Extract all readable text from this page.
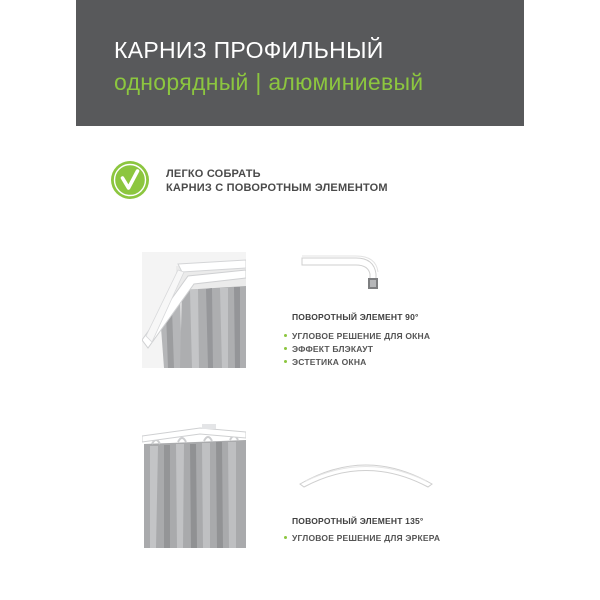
КАРНИЗ ПРОФИЛЬНЫЙ
однорядный | алюминиевый
ЛЕГКО СОБРАТЬ
КАРНИЗ С ПОВОРОТНЫМ ЭЛЕМЕНТОМ
ПОВОРОТНЫЙ ЭЛЕМЕНТ 90°
УГЛОВОЕ РЕШЕНИЕ ДЛЯ ОКНА
ЭФФЕКТ БЛЭКАУТ
ЭСТЕТИКА ОКНА
ПОВОРОТНЫЙ ЭЛЕМЕНТ 135°
УГЛОВОЕ РЕШЕНИЕ ДЛЯ ЭРКЕРА
